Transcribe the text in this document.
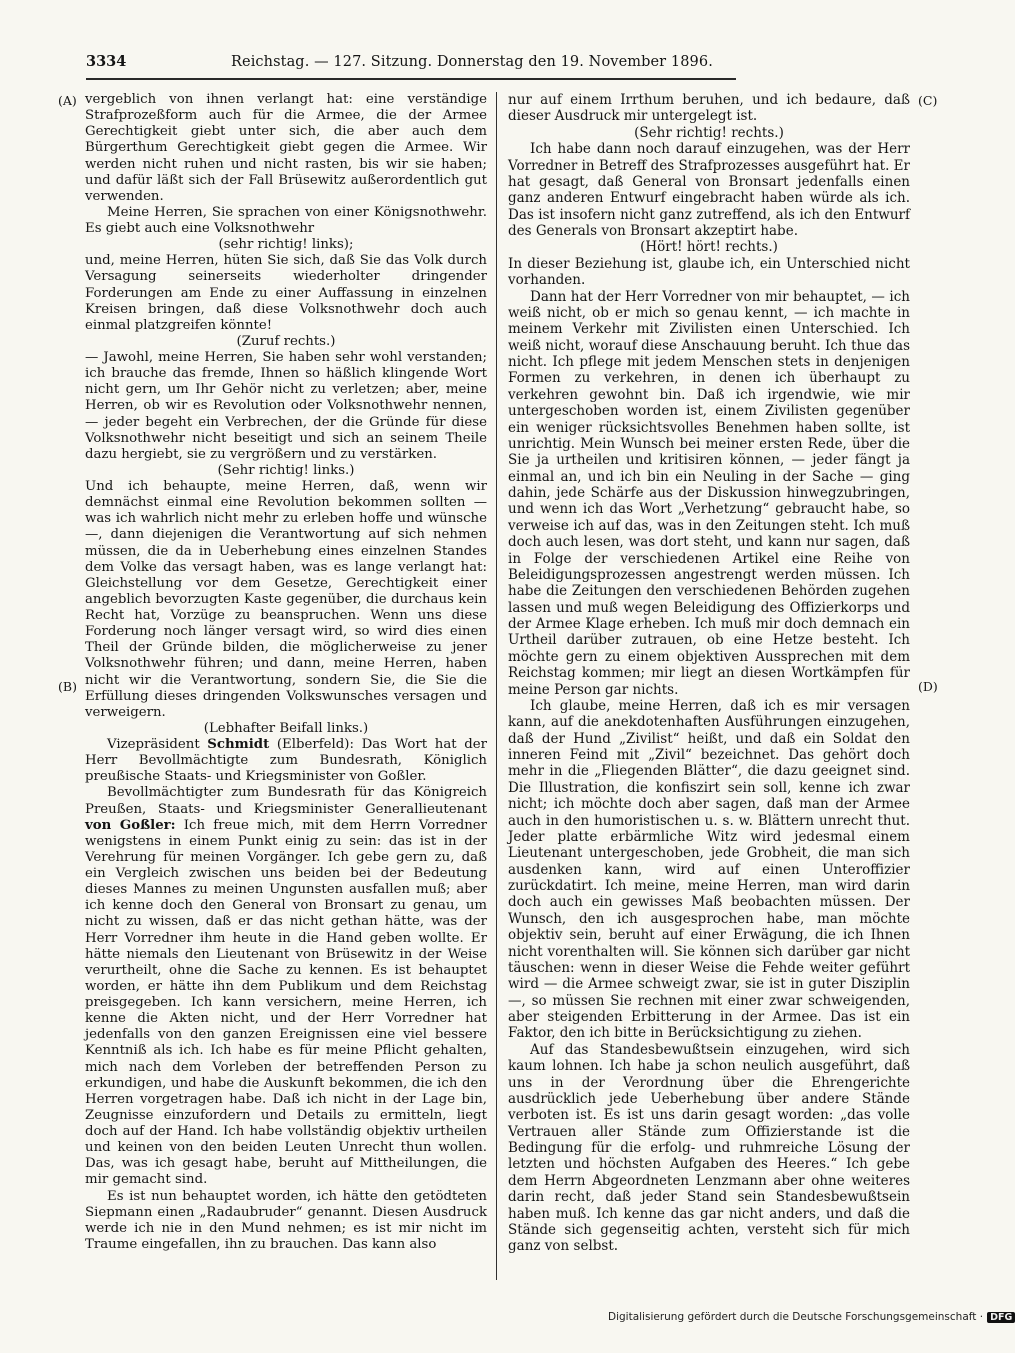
3334	Reichstag. — 127. Sitzung. Donnerstag den 19. November 1896.
(A)
(B)
(C)
(D)

vergeblich von ihnen verlangt hat: eine verständige Strafprozeßform auch für die Armee, die der Armee Gerechtigkeit giebt unter sich, die aber auch dem Bürgerthum Gerechtigkeit giebt gegen die Armee. Wir werden nicht ruhen und nicht rasten, bis wir sie haben; und dafür läßt sich der Fall Brüsewitz außerordentlich gut verwenden.

Meine Herren, Sie sprachen von einer Königsnothwehr. Es giebt auch eine Volksnothwehr

(sehr richtig! links);

und, meine Herren, hüten Sie sich, daß Sie das Volk durch Versagung seinerseits wiederholter dringender Forderungen am Ende zu einer Auffassung in einzelnen Kreisen bringen, daß diese Volksnothwehr doch auch einmal platzgreifen könnte!

(Zuruf rechts.)

— Jawohl, meine Herren, Sie haben sehr wohl verstanden; ich brauche das fremde, Ihnen so häßlich klingende Wort nicht gern, um Ihr Gehör nicht zu verletzen; aber, meine Herren, ob wir es Revolution oder Volksnothwehr nennen, — jeder begeht ein Verbrechen, der die Gründe für diese Volksnothwehr nicht beseitigt und sich an seinem Theile dazu hergiebt, sie zu vergrößern und zu verstärken.

(Sehr richtig! links.)

Und ich behaupte, meine Herren, daß, wenn wir demnächst einmal eine Revolution bekommen sollten — was ich wahrlich nicht mehr zu erleben hoffe und wünsche —, dann diejenigen die Verantwortung auf sich nehmen müssen, die da in Ueberhebung eines einzelnen Standes dem Volke das versagt haben, was es lange verlangt hat: Gleichstellung vor dem Gesetze, Gerechtigkeit einer angeblich bevorzugten Kaste gegenüber, die durchaus kein Recht hat, Vorzüge zu beanspruchen. Wenn uns diese Forderung noch länger versagt wird, so wird dies einen Theil der Gründe bilden, die möglicherweise zu jener Volksnothwehr führen; und dann, meine Herren, haben nicht wir die Verantwortung, sondern Sie, die Sie die Erfüllung dieses dringenden Volkswunsches versagen und verweigern.

(Lebhafter Beifall links.)

Vizepräsident Schmidt (Elberfeld): Das Wort hat der Herr Bevollmächtigte zum Bundesrath, Königlich preußische Staats- und Kriegsminister von Goßler.

Bevollmächtigter zum Bundesrath für das Königreich Preußen, Staats- und Kriegsminister Generallieutenant von Goßler: Ich freue mich, mit dem Herrn Vorredner wenigstens in einem Punkt einig zu sein: das ist in der Verehrung für meinen Vorgänger. Ich gebe gern zu, daß ein Vergleich zwischen uns beiden bei der Bedeutung dieses Mannes zu meinen Ungunsten ausfallen muß; aber ich kenne doch den General von Bronsart zu genau, um nicht zu wissen, daß er das nicht gethan hätte, was der Herr Vorredner ihm heute in die Hand geben wollte. Er hätte niemals den Lieutenant von Brüsewitz in der Weise verurtheilt, ohne die Sache zu kennen. Es ist behauptet worden, er hätte ihn dem Publikum und dem Reichstag preisgegeben. Ich kann versichern, meine Herren, ich kenne die Akten nicht, und der Herr Vorredner hat jedenfalls von den ganzen Ereignissen eine viel bessere Kenntniß als ich. Ich habe es für meine Pflicht gehalten, mich nach dem Vorleben der betreffenden Person zu erkundigen, und habe die Auskunft bekommen, die ich den Herren vorgetragen habe. Daß ich nicht in der Lage bin, Zeugnisse einzufordern und Details zu ermitteln, liegt doch auf der Hand. Ich habe vollständig objektiv urtheilen und keinen von den beiden Leuten Unrecht thun wollen. Das, was ich gesagt habe, beruht auf Mittheilungen, die mir gemacht sind.

Es ist nun behauptet worden, ich hätte den getödteten Siepmann einen „Radaubruder“ genannt. Diesen Ausdruck werde ich nie in den Mund nehmen; es ist mir nicht im Traume eingefallen, ihn zu brauchen. Das kann also

nur auf einem Irrthum beruhen, und ich bedaure, daß dieser Ausdruck mir untergelegt ist.

(Sehr richtig! rechts.)

Ich habe dann noch darauf einzugehen, was der Herr Vorredner in Betreff des Strafprozesses ausgeführt hat. Er hat gesagt, daß General von Bronsart jedenfalls einen ganz anderen Entwurf eingebracht haben würde als ich. Das ist insofern nicht ganz zutreffend, als ich den Entwurf des Generals von Bronsart akzeptirt habe.

(Hört! hört! rechts.)

In dieser Beziehung ist, glaube ich, ein Unterschied nicht vorhanden.

Dann hat der Herr Vorredner von mir behauptet, — ich weiß nicht, ob er mich so genau kennt, — ich machte in meinem Verkehr mit Zivilisten einen Unterschied. Ich weiß nicht, worauf diese Anschauung beruht. Ich thue das nicht. Ich pflege mit jedem Menschen stets in denjenigen Formen zu verkehren, in denen ich überhaupt zu verkehren gewohnt bin. Daß ich irgendwie, wie mir untergeschoben worden ist, einem Zivilisten gegenüber ein weniger rücksichtsvolles Benehmen haben sollte, ist unrichtig. Mein Wunsch bei meiner ersten Rede, über die Sie ja urtheilen und kritisiren können, — jeder fängt ja einmal an, und ich bin ein Neuling in der Sache — ging dahin, jede Schärfe aus der Diskussion hinwegzubringen, und wenn ich das Wort „Verhetzung“ gebraucht habe, so verweise ich auf das, was in den Zeitungen steht. Ich muß doch auch lesen, was dort steht, und kann nur sagen, daß in Folge der verschiedenen Artikel eine Reihe von Beleidigungsprozessen angestrengt werden müssen. Ich habe die Zeitungen den verschiedenen Behörden zugehen lassen und muß wegen Beleidigung des Offizierkorps und der Armee Klage erheben. Ich muß mir doch demnach ein Urtheil darüber zutrauen, ob eine Hetze besteht. Ich möchte gern zu einem objektiven Aussprechen mit dem Reichstag kommen; mir liegt an diesen Wortkämpfen für meine Person gar nichts.

Ich glaube, meine Herren, daß ich es mir versagen kann, auf die anekdotenhaften Ausführungen einzugehen, daß der Hund „Zivilist“ heißt, und daß ein Soldat den inneren Feind mit „Zivil“ bezeichnet. Das gehört doch mehr in die „Fliegenden Blätter“, die dazu geeignet sind. Die Illustration, die konfiszirt sein soll, kenne ich zwar nicht; ich möchte doch aber sagen, daß man der Armee auch in den humoristischen u. s. w. Blättern unrecht thut. Jeder platte erbärmliche Witz wird jedesmal einem Lieutenant untergeschoben, jede Grobheit, die man sich ausdenken kann, wird auf einen Unteroffizier zurückdatirt. Ich meine, meine Herren, man wird darin doch auch ein gewisses Maß beobachten müssen. Der Wunsch, den ich ausgesprochen habe, man möchte objektiv sein, beruht auf einer Erwägung, die ich Ihnen nicht vorenthalten will. Sie können sich darüber gar nicht täuschen: wenn in dieser Weise die Fehde weiter geführt wird — die Armee schweigt zwar, sie ist in guter Disziplin —, so müssen Sie rechnen mit einer zwar schweigenden, aber steigenden Erbitterung in der Armee. Das ist ein Faktor, den ich bitte in Berücksichtigung zu ziehen.

Auf das Standesbewußtsein einzugehen, wird sich kaum lohnen. Ich habe ja schon neulich ausgeführt, daß uns in der Verordnung über die Ehrengerichte ausdrücklich jede Ueberhebung über andere Stände verboten ist. Es ist uns darin gesagt worden: „das volle Vertrauen aller Stände zum Offizierstande ist die Bedingung für die erfolg- und ruhmreiche Lösung der letzten und höchsten Aufgaben des Heeres.“ Ich gebe dem Herrn Abgeordneten Lenzmann aber ohne weiteres darin recht, daß jeder Stand sein Standesbewußtsein haben muß. Ich kenne das gar nicht anders, und daß die Stände sich gegenseitig achten, versteht sich für mich ganz von selbst.

Digitalisierung gefördert durch die Deutsche Forschungsgemeinschaft · DFG
